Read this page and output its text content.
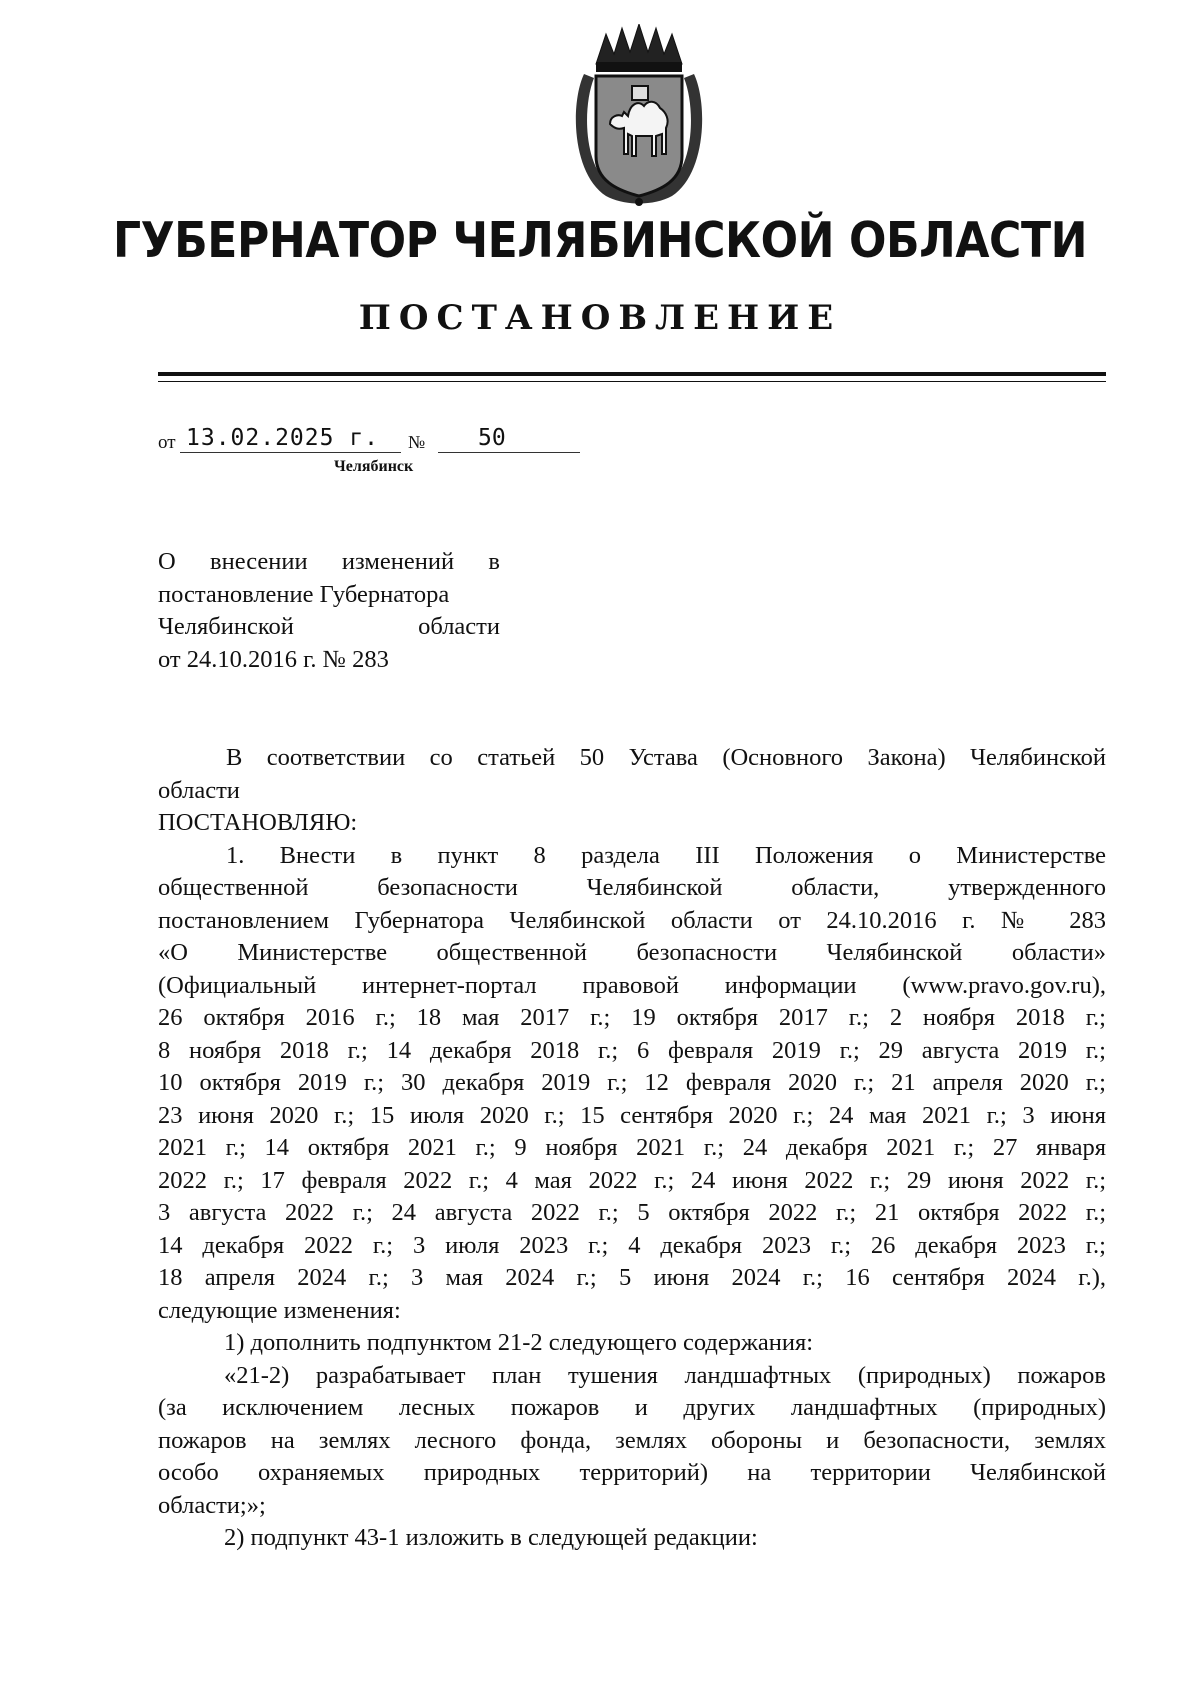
ГУБЕРНАТОР ЧЕЛЯБИНСКОЙ ОБЛАСТИ
ПОСТАНОВЛЕНИЕ
от 13.02.2025 г. № 50
Челябинск
О внесении изменений в
постановление Губернатора
Челябинской области
от 24.10.2016 г. № 283
В соответствии со статьей 50 Устава (Основного Закона) Челябинской
области
ПОСТАНОВЛЯЮ:
1. Внести в пункт 8 раздела III Положения о Министерстве
общественной безопасности Челябинской области, утвержденного
постановлением Губернатора Челябинской области от 24.10.2016 г. № 283
«О Министерстве общественной безопасности Челябинской области»
(Официальный интернет-портал правовой информации (www.pravo.gov.ru),
26 октября 2016 г.; 18 мая 2017 г.; 19 октября 2017 г.; 2 ноября 2018 г.;
8 ноября 2018 г.; 14 декабря 2018 г.; 6 февраля 2019 г.; 29 августа 2019 г.;
10 октября 2019 г.; 30 декабря 2019 г.; 12 февраля 2020 г.; 21 апреля 2020 г.;
23 июня 2020 г.; 15 июля 2020 г.; 15 сентября 2020 г.; 24 мая 2021 г.; 3 июня
2021 г.; 14 октября 2021 г.; 9 ноября 2021 г.; 24 декабря 2021 г.; 27 января
2022 г.; 17 февраля 2022 г.; 4 мая 2022 г.; 24 июня 2022 г.; 29 июня 2022 г.;
3 августа 2022 г.; 24 августа 2022 г.; 5 октября 2022 г.; 21 октября 2022 г.;
14 декабря 2022 г.; 3 июля 2023 г.; 4 декабря 2023 г.; 26 декабря 2023 г.;
18 апреля 2024 г.; 3 мая 2024 г.; 5 июня 2024 г.; 16 сентября 2024 г.),
следующие изменения:
1) дополнить подпунктом 21-2 следующего содержания:
«21-2) разрабатывает план тушения ландшафтных (природных) пожаров
(за исключением лесных пожаров и других ландшафтных (природных)
пожаров на землях лесного фонда, землях обороны и безопасности, землях
особо охраняемых природных территорий) на территории Челябинской
области;»;
2) подпункт 43-1 изложить в следующей редакции:
